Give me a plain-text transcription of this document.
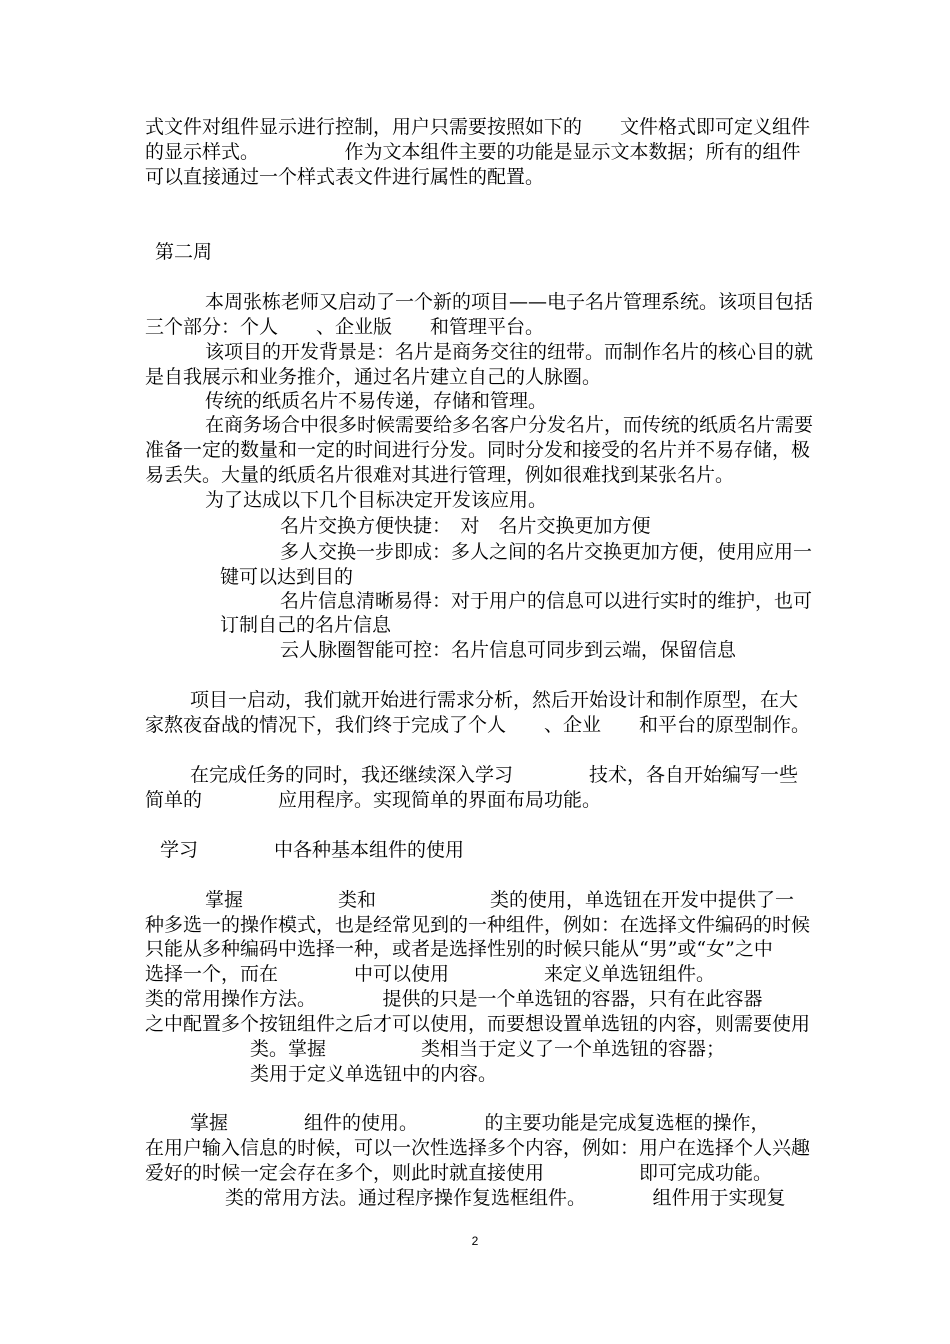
式文件对组件显示进行控制，用户只需要按照如下的　　文件格式即可定义组件

的显示样式。　　　　　作为文本组件主要的功能是显示文本数据；所有的组件

可以直接通过一个样式表文件进行属性的配置。

第二周

本周张栋老师又启动了一个新的项目——电子名片管理系统。该项目包括

三个部分：个人　　、企业版　　和管理平台。

该项目的开发背景是：名片是商务交往的纽带。而制作名片的核心目的就

是自我展示和业务推介，通过名片建立自己的人脉圈。

传统的纸质名片不易传递，存储和管理。

在商务场合中很多时候需要给多名客户分发名片，而传统的纸质名片需要

准备一定的数量和一定的时间进行分发。同时分发和接受的名片并不易存储，极

易丢失。大量的纸质名片很难对其进行管理，例如很难找到某张名片。

为了达成以下几个目标决定开发该应用。

名片交换方便快捷：　对　名片交换更加方便

多人交换一步即成：多人之间的名片交换更加方便，使用应用一

键可以达到目的

名片信息清晰易得：对于用户的信息可以进行实时的维护，也可

订制自己的名片信息

云人脉圈智能可控：名片信息可同步到云端，保留信息

项目一启动，我们就开始进行需求分析，然后开始设计和制作原型，在大

家熬夜奋战的情况下，我们终于完成了个人　　、企业　　和平台的原型制作。

在完成任务的同时，我还继续深入学习　　　　技术，各自开始编写一些

简单的　　　　应用程序。实现简单的界面布局功能。

学习　　　　中各种基本组件的使用

掌握　　　　　类和　　　　　　类的使用，单选钮在开发中提供了一

种多选一的操作模式，也是经常见到的一种组件，例如：在选择文件编码的时候

只能从多种编码中选择一种，或者是选择性别的时候只能从“男”或“女”之中

选择一个，而在　　　　中可以使用　　　　　来定义单选钮组件。

类的常用操作方法。　　　　提供的只是一个单选钮的容器，只有在此容器

之中配置多个按钮组件之后才可以使用，而要想设置单选钮的内容，则需要使用

类。掌握　　　　　类相当于定义了一个单选钮的容器；

类用于定义单选钮中的内容。

掌握　　　　组件的使用。　　　　的主要功能是完成复选框的操作，

在用户输入信息的时候，可以一次性选择多个内容，例如：用户在选择个人兴趣

爱好的时候一定会存在多个，则此时就直接使用　　　　　即可完成功能。

类的常用方法。通过程序操作复选框组件。　　　　组件用于实现复

2
